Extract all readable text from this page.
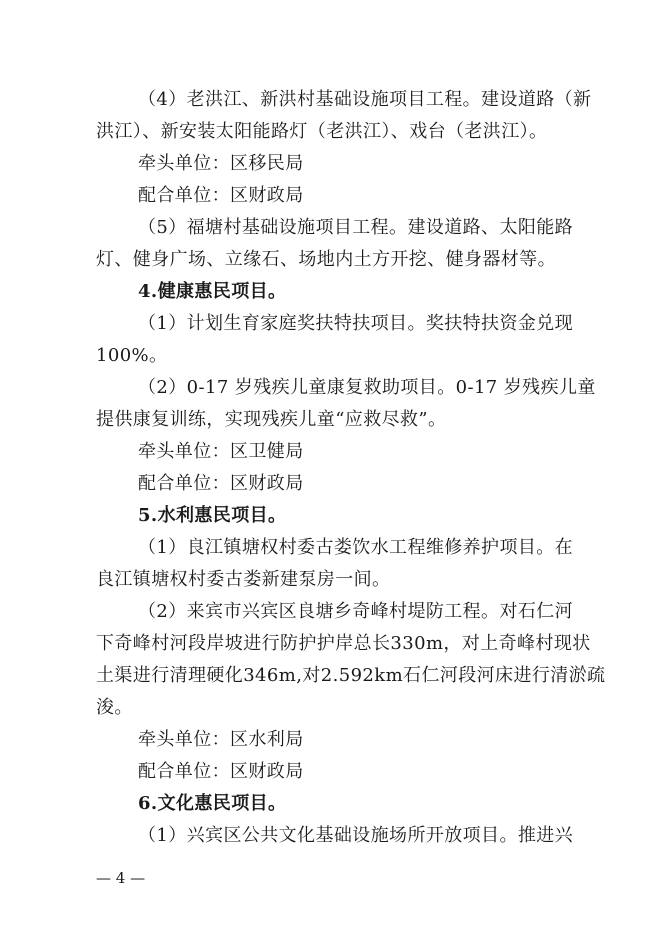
（4）老洪江、新洪村基础设施项目工程。建设道路（新
洪江）、新安装太阳能路灯（老洪江）、戏台（老洪江）。
牵头单位：区移民局
配合单位：区财政局
（5）福塘村基础设施项目工程。建设道路、太阳能路
灯、健身广场、立缘石、场地内土方开挖、健身器材等。
4.健康惠民项目。
（1）计划生育家庭奖扶特扶项目。奖扶特扶资金兑现
100%。
（2）0-17 岁残疾儿童康复救助项目。0-17 岁残疾儿童
提供康复训练，实现残疾儿童“应救尽救”。
牵头单位：区卫健局
配合单位：区财政局
5.水利惠民项目。
（1）良江镇塘权村委古娄饮水工程维修养护项目。在
良江镇塘权村委古娄新建泵房一间。
（2）来宾市兴宾区良塘乡奇峰村堤防工程。对石仁河
下奇峰村河段岸坡进行防护护岸总长330m，对上奇峰村现状
土渠进行清理硬化346m,对2.592km石仁河段河床进行清淤疏
浚。
牵头单位：区水利局
配合单位：区财政局
6.文化惠民项目。
（1）兴宾区公共文化基础设施场所开放项目。推进兴
— 4 —
